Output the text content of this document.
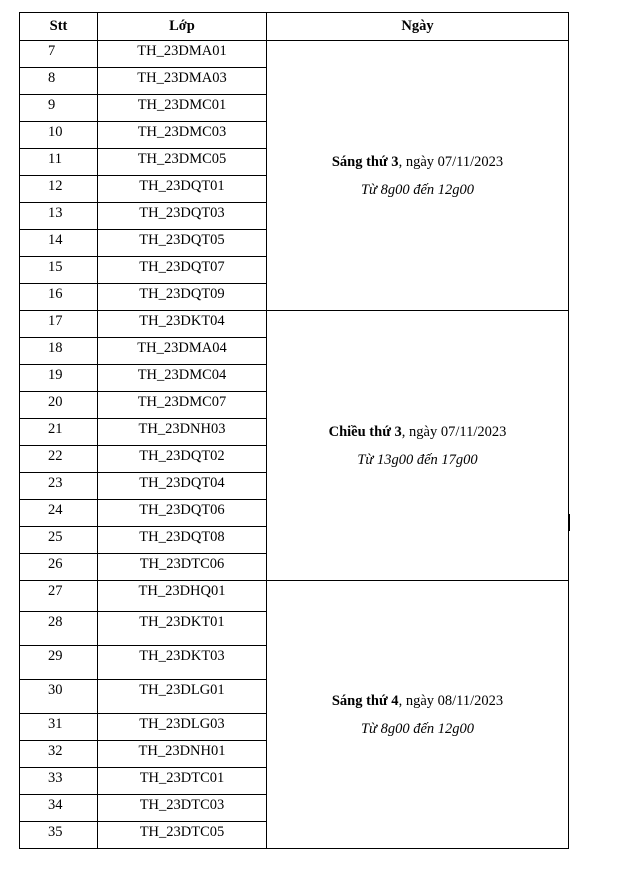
Stt	Lớp	Ngày
7	TH_23DMA01	Sáng thứ 3, ngày 07/11/2023
Từ 8g00 đến 12g00

8	TH_23DMA03	
9	TH_23DMC01	
10	TH_23DMC03	
11	TH_23DMC05	
12	TH_23DQT01	
13	TH_23DQT03	
14	TH_23DQT05	
15	TH_23DQT07	
16	TH_23DQT09	
17	TH_23DKT04	Chiều thứ 3, ngày 07/11/2023
Từ 13g00 đến 17g00

18	TH_23DMA04	
19	TH_23DMC04	
20	TH_23DMC07	
21	TH_23DNH03	
22	TH_23DQT02	
23	TH_23DQT04	
24	TH_23DQT06	
25	TH_23DQT08	
26	TH_23DTC06	
27	TH_23DHQ01	Sáng thứ 4, ngày 08/11/2023
Từ 8g00 đến 12g00

28	TH_23DKT01	
29	TH_23DKT03	
30	TH_23DLG01	
31	TH_23DLG03	
32	TH_23DNH01	
33	TH_23DTC01	
34	TH_23DTC03	
35	TH_23DTC05	
